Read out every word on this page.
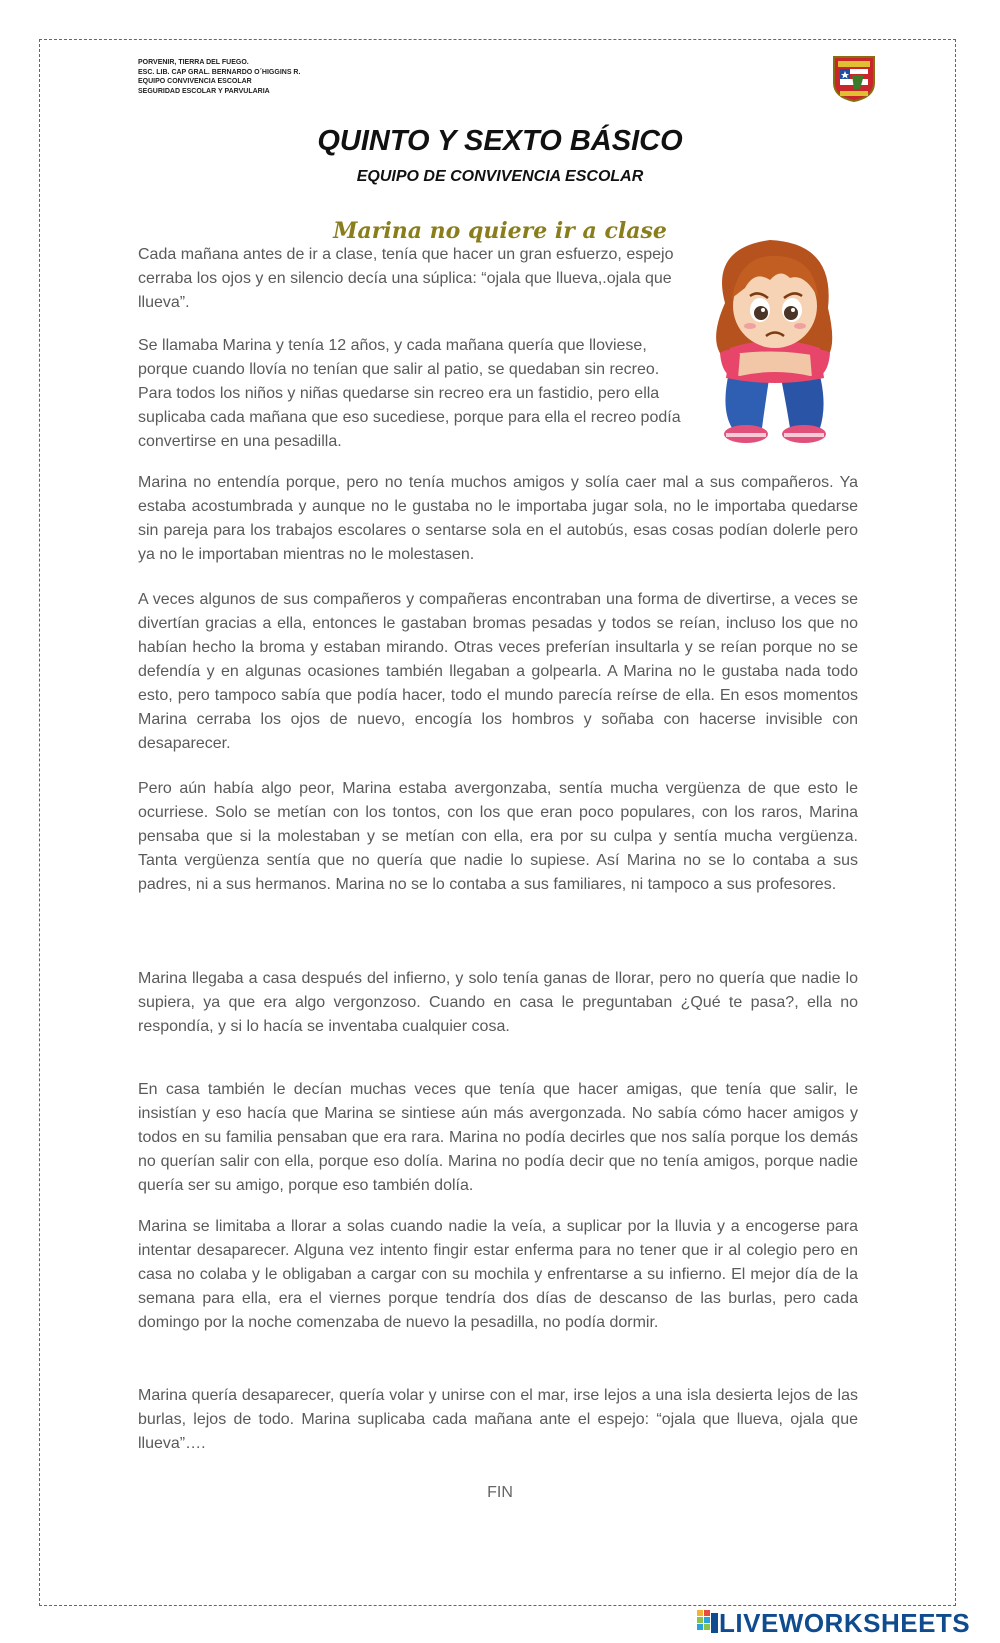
PORVENIR, TIERRA DEL FUEGO.
ESC. LIB. CAP GRAL. BERNARDO O´HIGGINS R.
EQUIPO CONVIVENCIA ESCOLAR
SEGURIDAD ESCOLAR Y PARVULARIA
QUINTO Y SEXTO BÁSICO
EQUIPO DE CONVIVENCIA ESCOLAR
Marina no quiere ir a clase
Cada mañana antes de ir a clase, tenía que hacer un gran esfuerzo, espejo cerraba los ojos y en silencio decía una súplica: “ojala que llueva,.ojala que llueva”.
Se llamaba Marina y tenía 12 años, y cada mañana quería que lloviese, porque cuando llovía no tenían que salir al patio, se quedaban sin recreo. Para todos los niños y niñas quedarse sin recreo era un fastidio, pero ella suplicaba cada mañana que eso sucediese, porque para ella el recreo podía convertirse en una pesadilla.
Marina no entendía porque, pero no tenía muchos amigos y solía caer mal a sus compañeros. Ya estaba acostumbrada y aunque no le gustaba no le importaba jugar sola, no le importaba quedarse sin pareja para los trabajos escolares o sentarse sola en el autobús, esas cosas podían dolerle pero ya no le importaban mientras no le molestasen.
A veces algunos de sus compañeros y compañeras encontraban una forma de divertirse, a veces se divertían gracias a ella, entonces le gastaban bromas pesadas y todos se reían, incluso los que no habían hecho la broma y estaban mirando. Otras veces preferían insultarla y se reían porque no se defendía y en algunas ocasiones también llegaban a golpearla. A Marina no le gustaba nada todo esto, pero tampoco sabía que podía hacer, todo el mundo parecía reírse de ella. En esos momentos Marina cerraba los ojos de nuevo, encogía los hombros y soñaba con hacerse invisible con desaparecer.
Pero aún había algo peor, Marina estaba avergonzaba, sentía mucha vergüenza de que esto le ocurriese. Solo se metían con los tontos, con los que eran poco populares, con los raros, Marina pensaba que si la molestaban y se metían con ella, era por su culpa y sentía mucha vergüenza. Tanta vergüenza sentía que no quería que nadie lo supiese. Así Marina no se lo contaba a sus padres, ni a sus hermanos. Marina no se lo contaba a sus familiares, ni tampoco a sus profesores.
Marina llegaba a casa después del infierno, y solo tenía ganas de llorar, pero no quería que nadie lo supiera, ya que era algo vergonzoso. Cuando en casa le preguntaban ¿Qué te pasa?, ella no respondía, y si lo hacía se inventaba cualquier cosa.
En casa también le decían muchas veces que tenía que hacer amigas, que tenía que salir, le insistían y eso hacía que Marina se sintiese aún más avergonzada. No sabía cómo hacer amigos y todos en su familia pensaban que era rara. Marina no podía decirles que nos salía porque los demás no querían salir con ella, porque eso dolía. Marina no podía decir que no tenía amigos, porque nadie quería ser su amigo, porque eso también dolía.
Marina se limitaba a llorar a solas cuando nadie la veía, a suplicar por la lluvia y a encogerse para intentar desaparecer. Alguna vez intento fingir estar enferma para no tener que ir al colegio pero en casa no colaba y le obligaban a cargar con su mochila y enfrentarse a su infierno. El mejor día de la semana para ella, era el viernes porque tendría dos días de descanso de las burlas, pero cada domingo por la noche comenzaba de nuevo la pesadilla, no podía dormir.
Marina quería desaparecer, quería volar y unirse con el mar, irse lejos a una isla desierta lejos de las burlas, lejos de todo. Marina suplicaba cada mañana ante el espejo: “ojala que llueva, ojala que llueva”….
FIN
LIVEWORKSHEETS
